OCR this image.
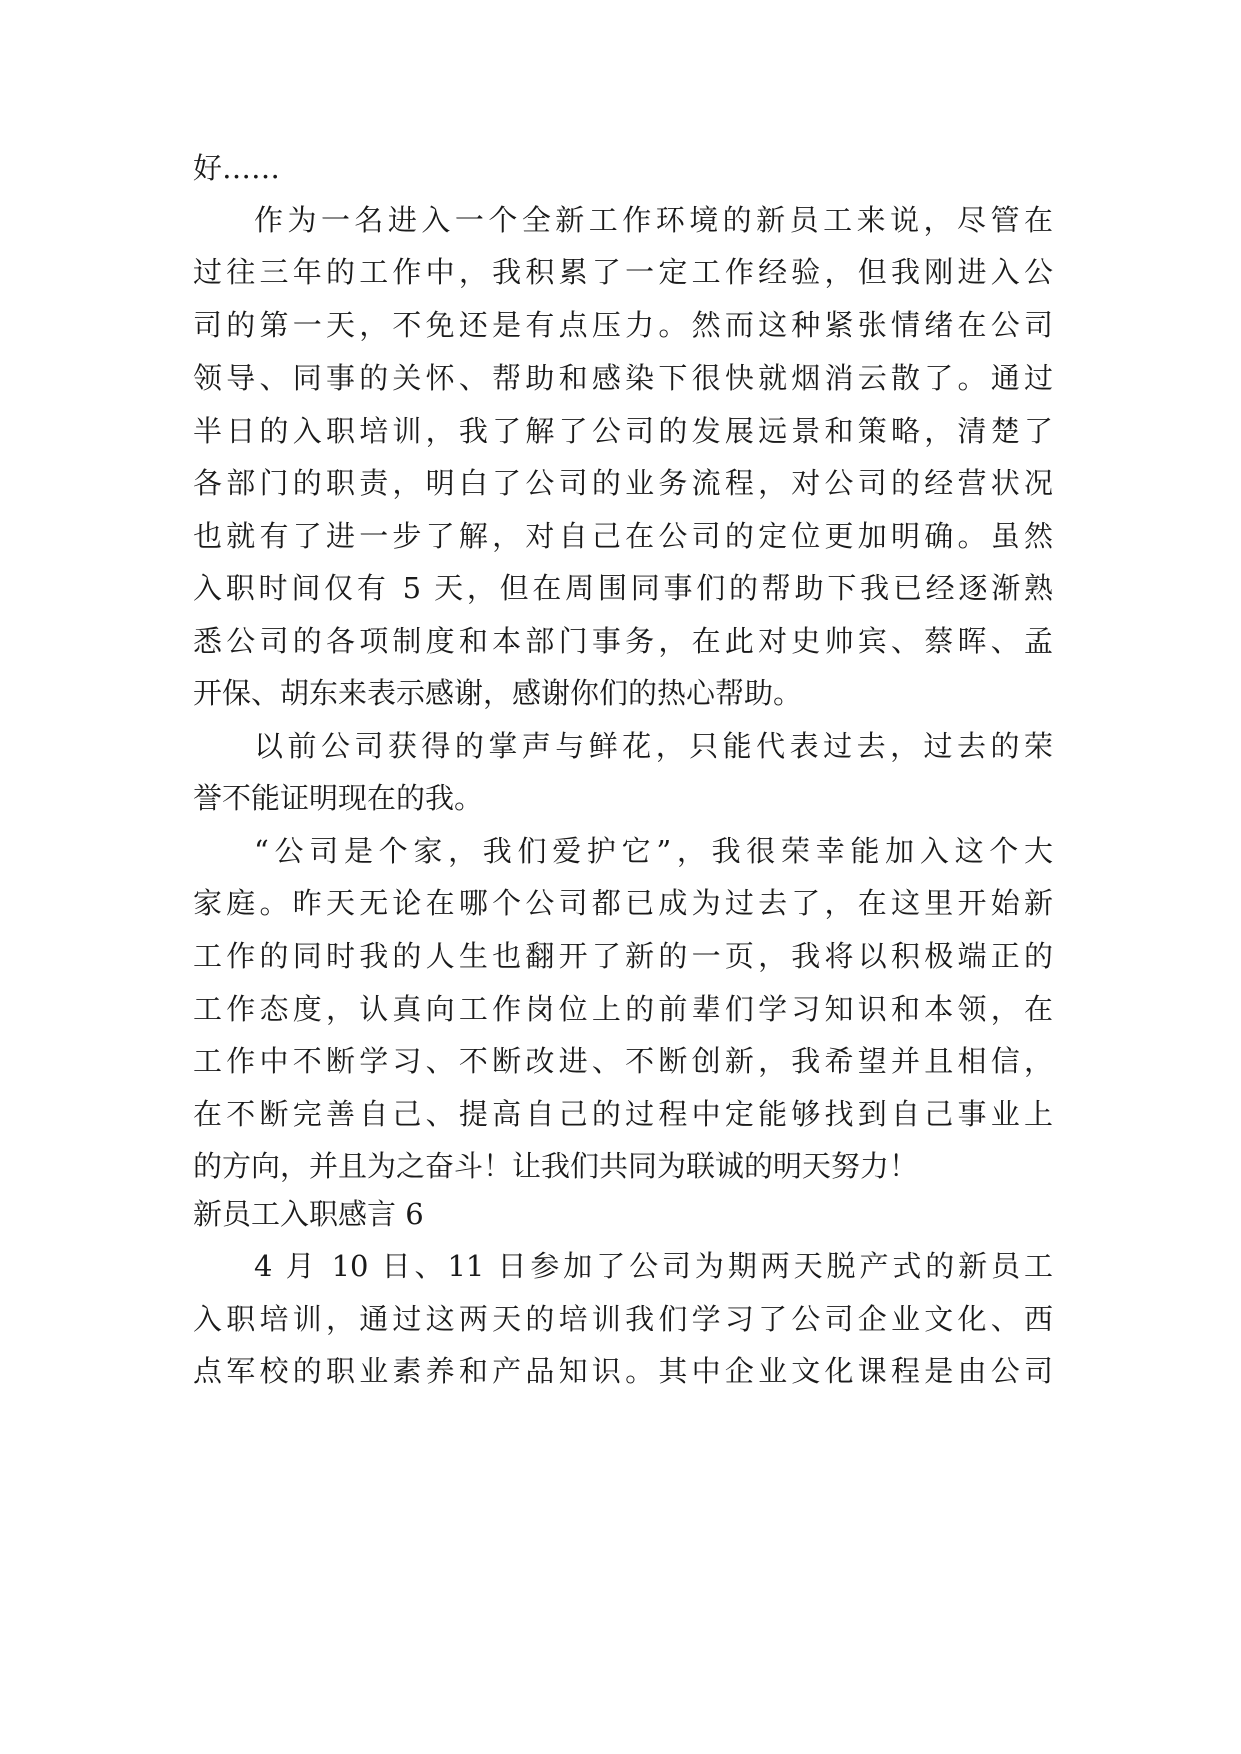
好……

作为一名进入一个全新工作环境的新员工来说，尽管在

过往三年的工作中，我积累了一定工作经验，但我刚进入公

司的第一天，不免还是有点压力。然而这种紧张情绪在公司

领导、同事的关怀、帮助和感染下很快就烟消云散了。通过

半日的入职培训，我了解了公司的发展远景和策略，清楚了

各部门的职责，明白了公司的业务流程，对公司的经营状况

也就有了进一步了解，对自己在公司的定位更加明确。虽然

入职时间仅有 5 天，但在周围同事们的帮助下我已经逐渐熟

悉公司的各项制度和本部门事务，在此对史帅宾、蔡晖、孟

开保、胡东来表示感谢，感谢你们的热心帮助。

以前公司获得的掌声与鲜花，只能代表过去，过去的荣

誉不能证明现在的我。

“公司是个家，我们爱护它”，我很荣幸能加入这个大

家庭。昨天无论在哪个公司都已成为过去了，在这里开始新

工作的同时我的人生也翻开了新的一页，我将以积极端正的

工作态度，认真向工作岗位上的前辈们学习知识和本领，在

工作中不断学习、不断改进、不断创新，我希望并且相信，

在不断完善自己、提高自己的过程中定能够找到自己事业上

的方向，并且为之奋斗！让我们共同为联诚的明天努力！

新员工入职感言 6

4 月 10 日、11 日参加了公司为期两天脱产式的新员工

入职培训，通过这两天的培训我们学习了公司企业文化、西

点军校的职业素养和产品知识。其中企业文化课程是由公司
